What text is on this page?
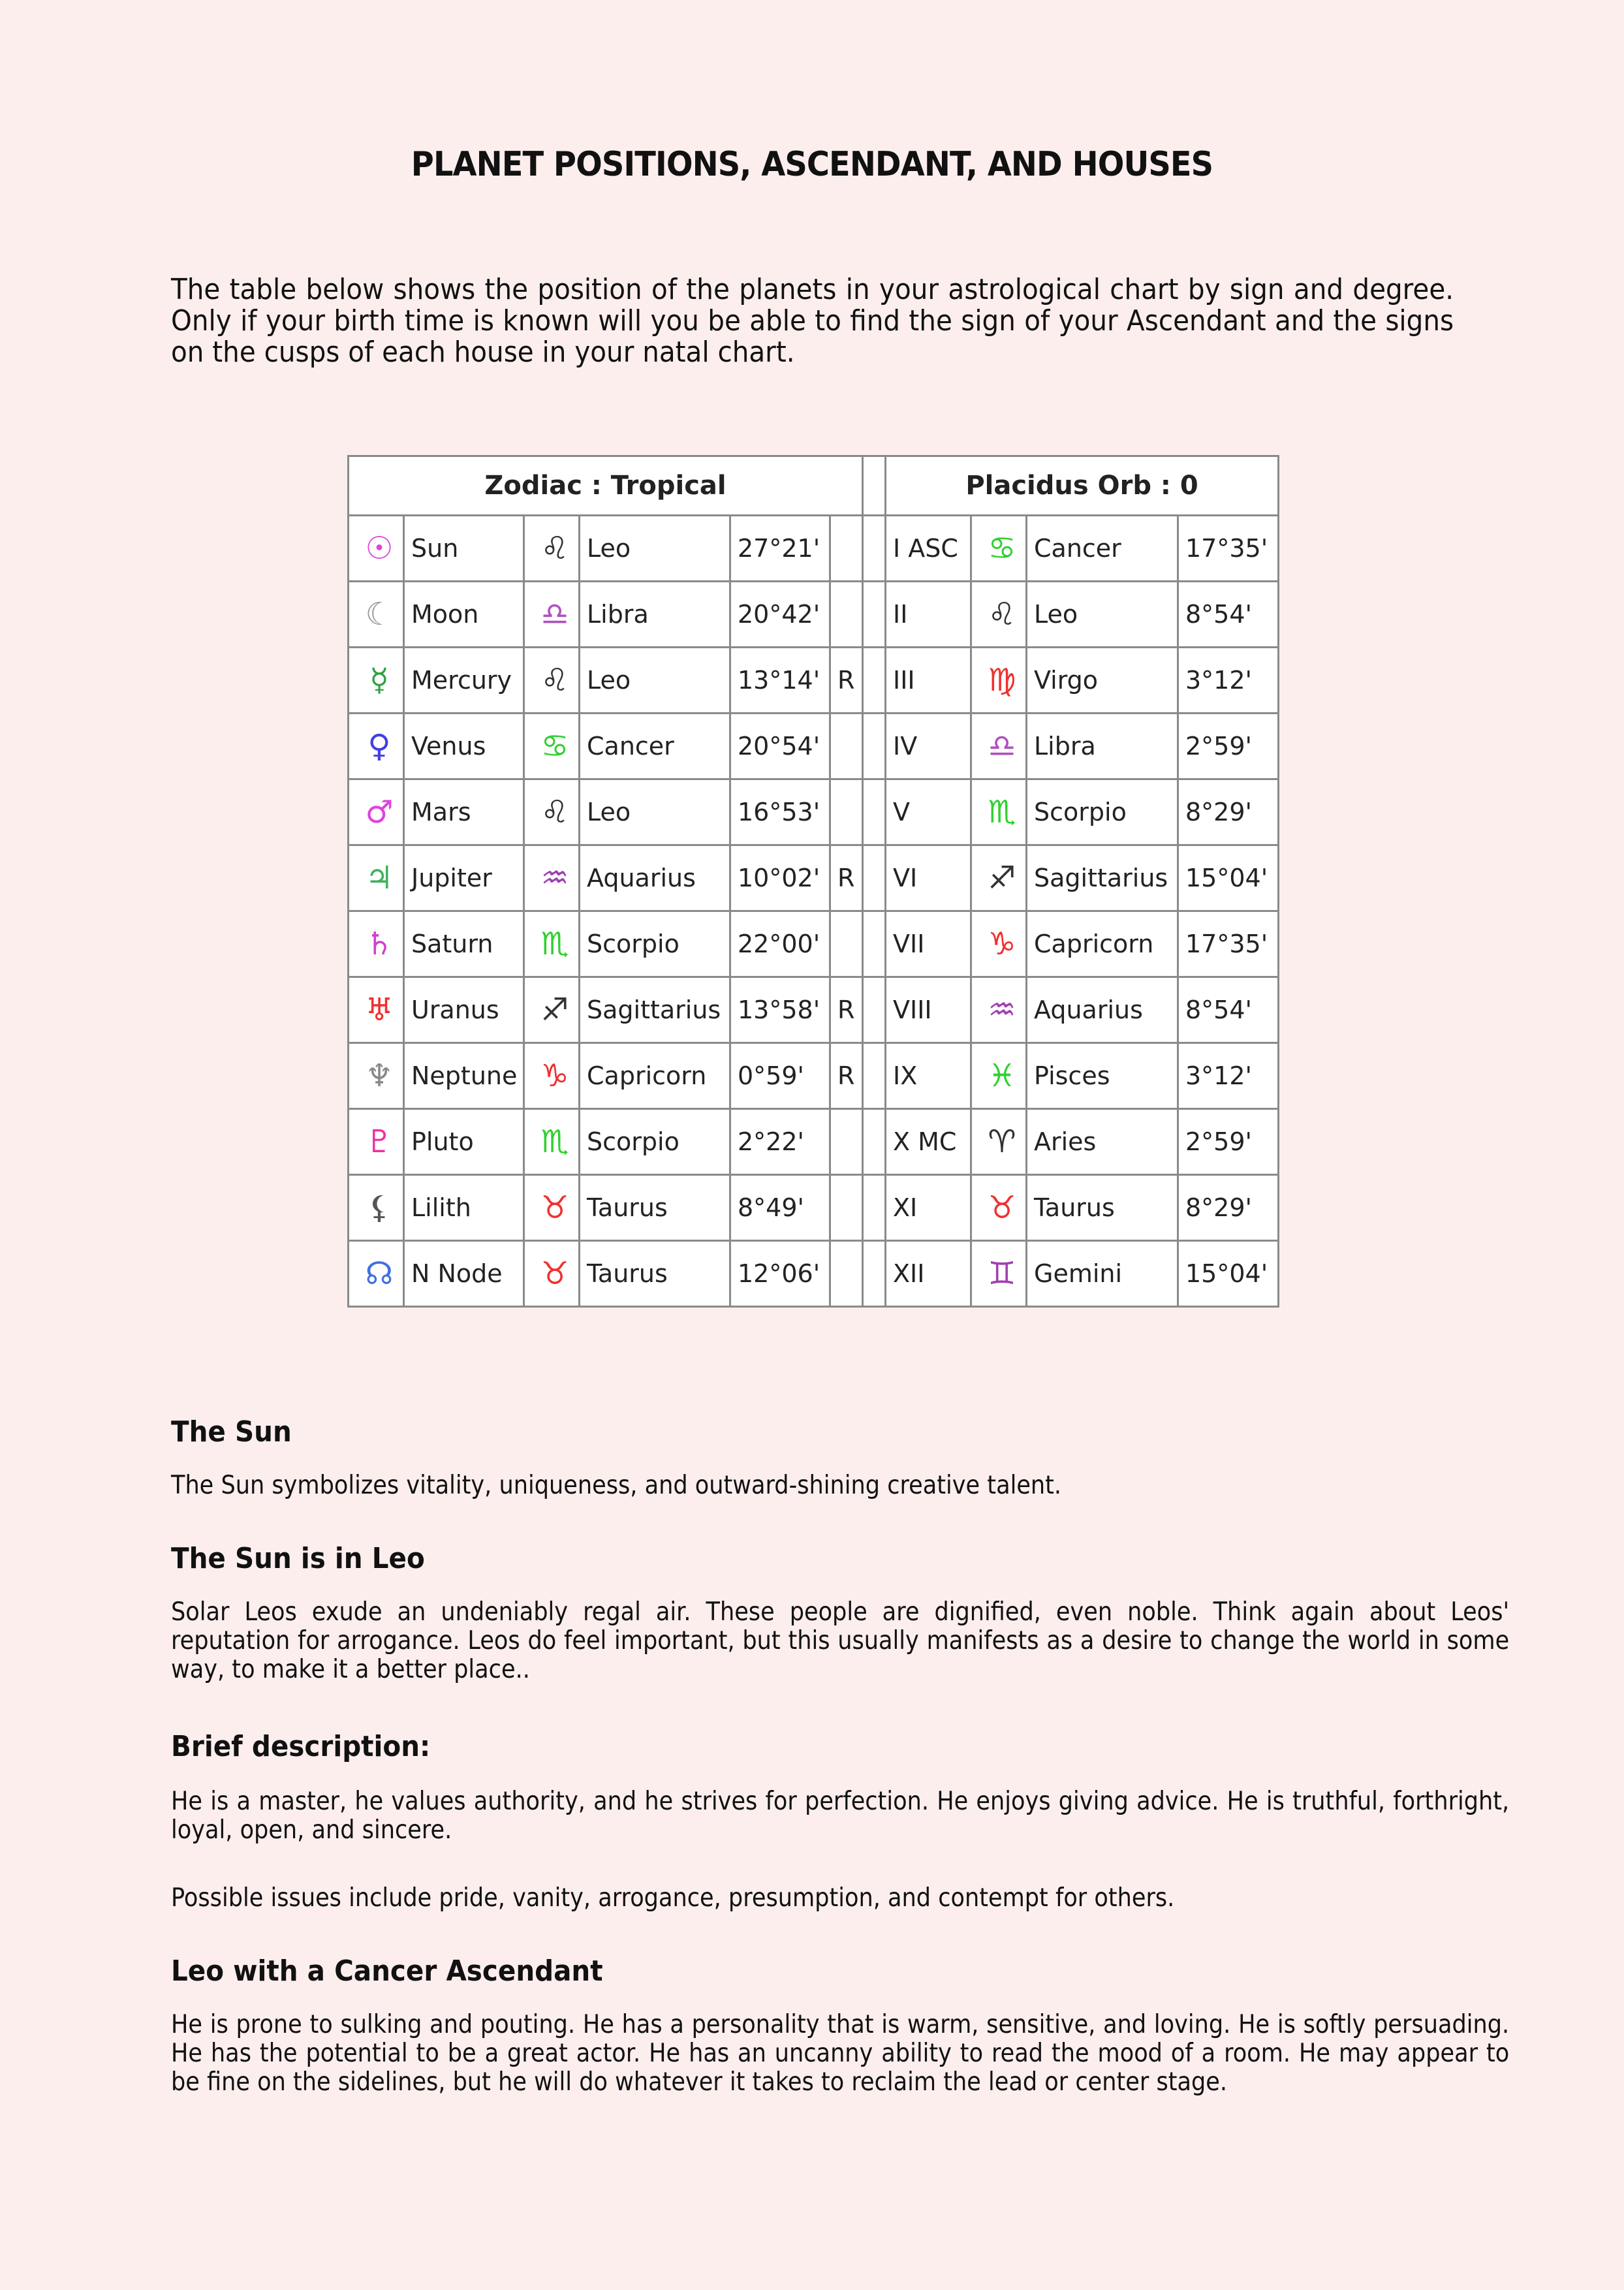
PLANET POSITIONS, ASCENDANT, AND HOUSES
The table below shows the position of the planets in your astrological chart by sign and degree. Only if your birth time is known will you be able to find the sign of your Ascendant and the signs on the cusps of each house in your natal chart.
Zodiac : Tropical							Placidus Orb : 0			
☉	Sun	♌	Leo	27°21'			I ASC	♋	Cancer	17°35'
☾	Moon	♎	Libra	20°42'			II	♌	Leo	8°54'
☿	Mercury	♌	Leo	13°14'	R		III	♍	Virgo	3°12'
♀	Venus	♋	Cancer	20°54'			IV	♎	Libra	2°59'
♂	Mars	♌	Leo	16°53'			V	♏	Scorpio	8°29'
♃	Jupiter	♒	Aquarius	10°02'	R		VI	♐	Sagittarius	15°04'
♄	Saturn	♏	Scorpio	22°00'			VII	♑	Capricorn	17°35'
♅	Uranus	♐	Sagittarius	13°58'	R		VIII	♒	Aquarius	8°54'
♆	Neptune	♑	Capricorn	0°59'	R		IX	♓	Pisces	3°12'
♇	Pluto	♏	Scorpio	2°22'			X MC	♈	Aries	2°59'
⚸	Lilith	♉	Taurus	8°49'			XI	♉	Taurus	8°29'
☊	N Node	♉	Taurus	12°06'			XII	♊	Gemini	15°04'
The Sun
The Sun symbolizes vitality, uniqueness, and outward-shining creative talent.
The Sun is in Leo
Solar Leos exude an undeniably regal air. These people are dignified, even noble. Think again about Leos' reputation for arrogance. Leos do feel important, but this usually manifests as a desire to change the world in some way, to make it a better place..
Brief description:
He is a master, he values authority, and he strives for perfection. He enjoys giving advice. He is truthful, forthright, loyal, open, and sincere.
Possible issues include pride, vanity, arrogance, presumption, and contempt for others.
Leo with a Cancer Ascendant
He is prone to sulking and pouting. He has a personality that is warm, sensitive, and loving. He is softly persuading. He has the potential to be a great actor. He has an uncanny ability to read the mood of a room. He may appear to be fine on the sidelines, but he will do whatever it takes to reclaim the lead or center stage.
